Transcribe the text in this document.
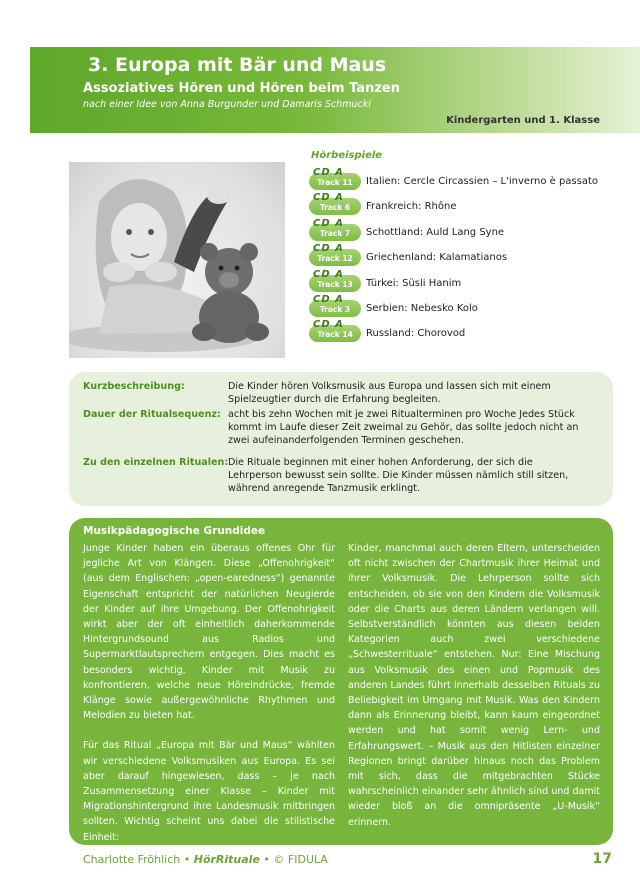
3. Europa mit Bär und Maus
Assoziatives Hören und Hören beim Tanzen
nach einer Idee von Anna Burgunder und Damaris Schmucki
Kindergarten und 1. Klasse
Hörbeispiele
CD A
Track 11	Italien: Cercle Circassien – L'inverno è passato
CD A
Track 6	Frankreich: Rhône
CD A
Track 7	Schottland: Auld Lang Syne
CD A
Track 12	Griechenland: Kalamatianos
CD A
Track 13	Türkei: Süsli Hanim
CD A
Track 3	Serbien: Nebesko Kolo
CD A
Track 14	Russland: Chorovod
Kurzbeschreibung:	Die Kinder hören Volksmusik aus Europa und lassen sich mit einem Spielzeugtier durch die Erfahrung begleiten.
Dauer der Ritualsequenz: acht bis zehn Wochen mit je zwei Ritualterminen pro Woche Jedes Stück kommt im Laufe dieser Zeit zweimal zu Gehör, das sollte jedoch nicht an zwei aufeinanderfolgenden Terminen geschehen.
Zu den einzelnen Ritualen: Die Rituale beginnen mit einer hohen Anforderung, der sich die Lehrperson bewusst sein sollte. Die Kinder müssen nämlich still sitzen, während anregende Tanzmusik erklingt.
Musikpädagogische Grundidee

Junge Kinder haben ein überaus offenes Ohr für jegliche Art von Klängen. Diese „Offenohrigkeit“ (aus dem Englischen: „open-earedness“) genannte Eigenschaft entspricht der natürlichen Neugierde der Kinder auf ihre Umgebung. Der Offenohrigkeit wirkt aber der oft einheitlich daherkommende Hintergrundsound aus Radios und Supermarktlautsprechern entgegen. Dies macht es besonders wichtig, Kinder mit Musik zu konfrontieren, welche neue Höreindrücke, fremde Klänge sowie außergewöhnliche Rhythmen und Melodien zu bieten hat.

Für das Ritual „Europa mit Bär und Maus“ wählten wir verschiedene Volksmusiken aus Europa. Es sei aber darauf hingewiesen, dass – je nach Zusammensetzung einer Klasse – Kinder mit Migrationshintergrund ihre Landesmusik mitbringen sollten. Wichtig scheint uns dabei die stilistische Einheit:

Kinder, manchmal auch deren Eltern, unterscheiden oft nicht zwischen der Chartmusik ihrer Heimat und ihrer Volksmusik. Die Lehrperson sollte sich entscheiden, ob sie von den Kindern die Volksmusik oder die Charts aus deren Ländern verlangen will. Selbstverständlich könnten aus diesen beiden Kategorien auch zwei verschiedene „Schwesterrituale“ entstehen. Nur: Eine Mischung aus Volksmusik des einen und Popmusik des anderen Landes führt innerhalb desselben Rituals zu Beliebigkeit im Umgang mit Musik. Was den Kindern dann als Erinnerung bleibt, kann kaum eingeordnet werden und hat somit wenig Lern- und Erfahrungswert. – Musik aus den Hitlisten einzelner Regionen bringt darüber hinaus noch das Problem mit sich, dass die mitgebrachten Stücke wahrscheinlich einander sehr ähnlich sind und damit wieder bloß an die omnipräsente „U-Musik“ erinnern.

Charlotte Fröhlich • HörRituale • © FIDULA	17
